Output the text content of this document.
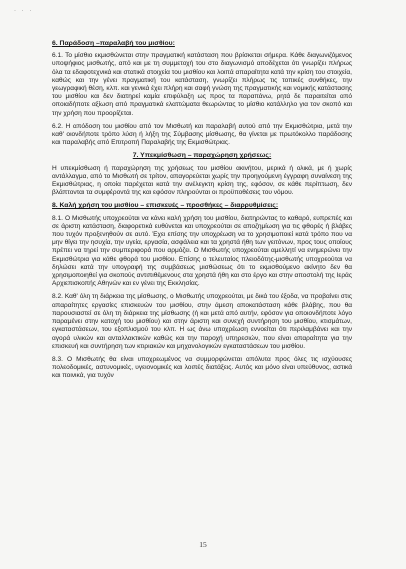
· · ·

6. Παράδοση –παραλαβή του μισθίου:

6.1. Το μίσθιο εκμισθώνεται στην πραγματική κατάσταση που βρίσκεται σήμερα. Κάθε διαγωνιζόμενος υποψήφιος μισθωτής, από και με τη συμμετοχή του στο διαγωνισμό αποδέχεται ότι γνωρίζει πλήρως όλα τα εδαφοτεχνικά και στατικά στοιχεία του μισθίου και λοιπά απαραίτητα κατά την κρίση του στοιχεία, καθώς και την γένει πραγματική του κατάσταση, γνωρίζει πλήρως τις τοπικές συνθήκες, την γεωγραφική θέση, κλπ. και γενικά έχει πλήρη και σαφή γνώση της πραγματικής και νομικής κατάστασης του μισθίου και δεν διατηρεί καμία επιφύλαξη ως προς τα παραπάνω, ρητά δε παραιτείται από οποιαδήποτε αξίωση από πραγματικά ελαττώματα θεωρώντας το μίσθιο κατάλληλο για τον σκοπό και την χρήση που προορίζεται.

6.2. Η απόδοση του μισθίου από τον Μισθωτή και παραλαβή αυτού από την Εκμισθώτρια, μετά την καθ' οιονδήποτε τρόπο λύση ή λήξη της Σύμβασης μίσθωσης, θα γίνεται με πρωτόκολλο παράδοσης και παραλαβής από Επιτροπή Παραλαβής της Εκμισθώτριας.

7. Υπεκμίσθωση – παραχώρηση χρήσεως:

Η υπεκμίσθωση ή παραχώρηση της χρήσεως του μισθίου ακινήτου, μερικά ή ολικά, με ή χωρίς αντάλλαγμα, από το Μισθωτή σε τρίτον, απαγορεύεται χωρίς την προηγούμενη έγγραφη συναίνεση της Εκμισθώτριας, η οποία παρέχεται κατά την ανέλεγκτη κρίση της, εφόσον, σε κάθε περίπτωση, δεν βλάπτονται τα συμφέροντά της και εφόσον πληρούνται οι προϋποθέσεις του νόμου.

8. Καλή χρήση του μισθίου – επισκευές – προσθήκες – διαρρυθμίσεις:

8.1. Ο Μισθωτής υποχρεούται να κάνει καλή χρήση του μισθίου, διατηρώντας το καθαρό, ευπρεπές και σε άριστη κατάσταση, διαφορετικά ευθύνεται και υποχρεούται σε αποζημίωση για τις φθορές ή βλάβες που τυχόν προξενηθούν σε αυτό. Έχει επίσης την υποχρέωση να το χρησιμοποιεί κατά τρόπο που να μην θίγει την ησυχία, την υγεία, εργασία, ασφάλεια και τα χρηστά ήθη των γειτόνων, προς τους οποίους πρέπει να τηρεί την συμπεριφορά που αρμόζει. Ο Μισθωτής υποχρεούται αμελλητί να ενημερώνει την Εκμισθώτρια για κάθε φθορά του μισθίου. Επίσης ο τελευταίος πλειοδότης-μισθωτής υποχρεούται να δηλώσει κατά την υπογραφή της συμβάσεως μισθώσεως ότι το εκμισθούμενο ακίνητο δεν θα χρησιμοποιηθεί για σκοπούς αντιπιθέμενους στα χρηστά ήθη και στο έργο και στην αποστολή της Ιεράς Αρχιεπισκοπής Αθηνών και εν γένει της Εκκλησίας.

8.2. Καθ' όλη τη διάρκεια της μίσθωσης, ο Μισθωτής υποχρεούται, με δικά του έξοδα, να προβαίνει στις απαραίτητες εργασίες επισκευών του μισθίου, στην άμεση αποκατάσταση κάθε βλάβης, που θα παρουσιαστεί σε όλη τη διάρκεια της μίσθωσης (ή και μετά από αυτήν, εφόσον για οποιονδήποτε λόγο παραμένει στην κατοχή του μισθίου) και στην άριστη και συνεχή συντήρηση του μισθίου, κτισμάτων, εγκαταστάσεων, του εξοπλισμού του κλπ. Η ως άνω υποχρέωση εννοείται ότι περιλαμβάνει και την αγορά υλικών και ανταλλακτικών καθώς και την παροχή υπηρεσιών, που είναι απαραίτητα για την επισκευή και συντήρηση των κτιριακών και μηχανολογικών εγκαταστάσεων του μισθίου.

8.3. Ο Μισθωτής θα είναι υποχρεωμένος να συμμορφώνεται απόλυτα προς όλες τις ισχύουσες πολεοδομικές, αστυνομικές, υγειονομικές και λοιπές διατάξεις. Αυτός και μόνο είναι υπεύθυνος, αστικά και ποινικά, για τυχόν

15
